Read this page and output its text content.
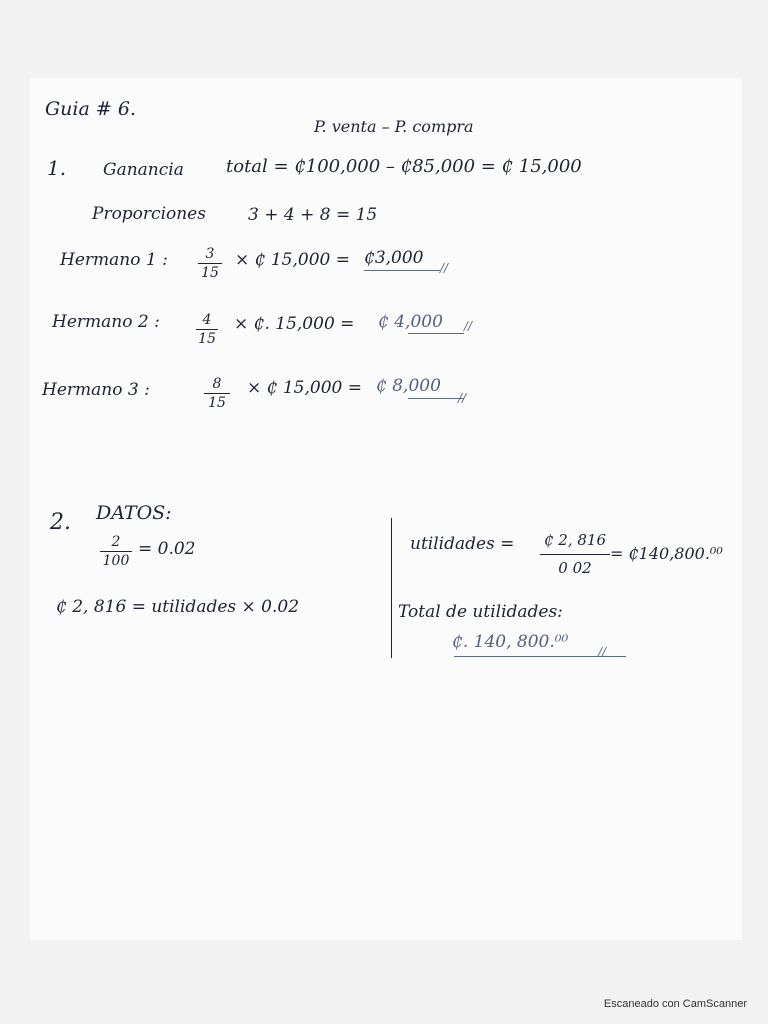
Guia # 6.
P. venta – P. compra
1. Ganancia total = ₵100,000 – ₵85,000 = ₵ 15,000
Proporciones 3 + 4 + 8 = 15
Hermano 1 :	3
15
× ₵ 15,000 = ₵3,000 //
Hermano 2 :	4
15
× ₵. 15,000 = ₵ 4,000 //
Hermano 3 :	8
15
× ₵ 15,000 = ₵ 8,000
//
2. DATOS:
2
100
= 0.02
₵ 2, 816 = utilidades × 0.02
utilidades = ₵ 2, 816
0 02
= ₵140,800.⁰⁰
Total de utilidades:
₵. 140, 800.⁰⁰ //
Escaneado con CamScanner
